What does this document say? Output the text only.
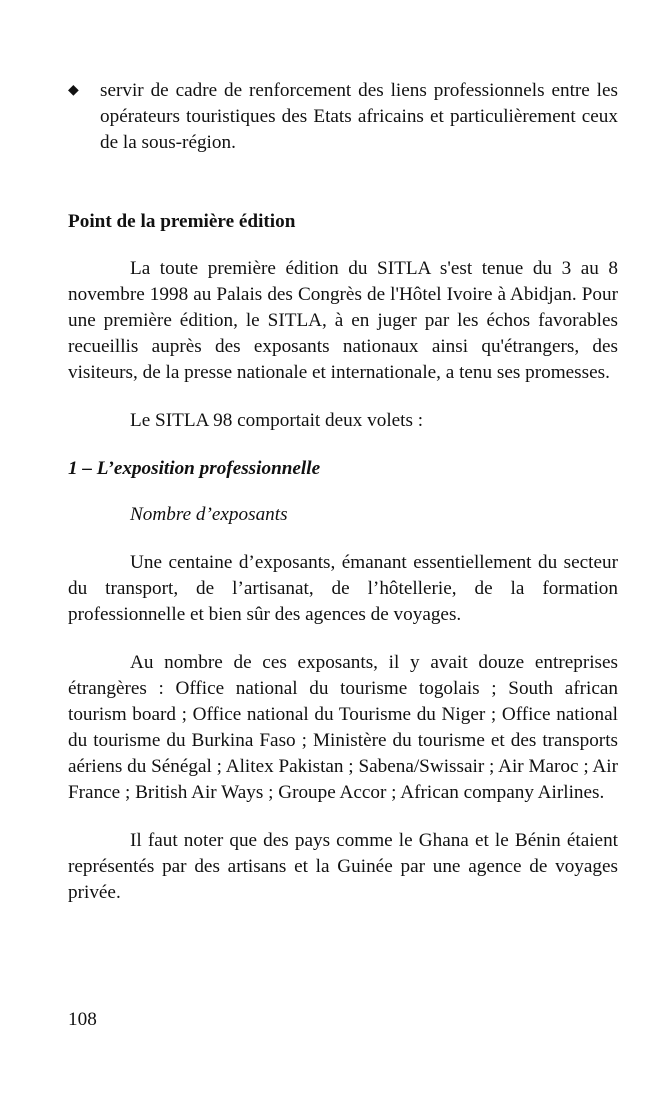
◆ servir de cadre de renforcement des liens professionnels entre les opérateurs touristiques des Etats africains et particulièrement ceux de la sous-région.
Point de la première édition

La toute première édition du SITLA s'est tenue du 3 au 8 novembre 1998 au Palais des Congrès de l'Hôtel Ivoire à Abidjan. Pour une première édition, le SITLA, à en juger par les échos favorables recueillis auprès des exposants nationaux ainsi qu'étrangers, des visiteurs, de la presse nationale et internationale, a tenu ses promesses.

Le SITLA 98 comportait deux volets :

1 – L’exposition professionnelle
Nombre d’exposants

Une centaine d’exposants, émanant essentiellement du secteur du transport, de l’artisanat, de l’hôtellerie, de la formation professionnelle et bien sûr des agences de voyages.

Au nombre de ces exposants, il y avait douze entreprises étrangères : Office national du tourisme togolais ; South african tourism board ; Office national du Tourisme du Niger ; Office national du tourisme du Burkina Faso ; Ministère du tourisme et des transports aériens du Sénégal ; Alitex Pakistan ; Sabena/Swissair ; Air Maroc ; Air France ; British Air Ways ; Groupe Accor ; African company Airlines.

Il faut noter que des pays comme le Ghana et le Bénin étaient représentés par des artisans et la Guinée par une agence de voyages privée.

108
